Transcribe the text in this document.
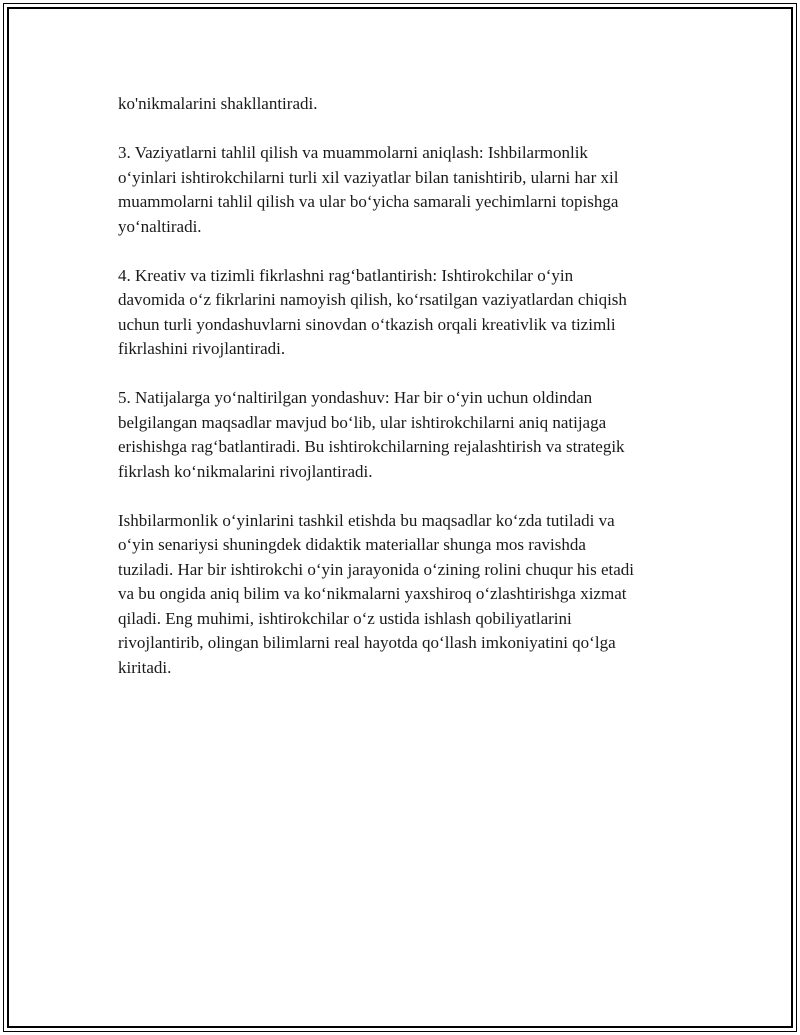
ko'nikmalarini shakllantiradi.

3. Vaziyatlarni tahlil qilish va muammolarni aniqlash: Ishbilarmonlik
o‘yinlari ishtirokchilarni turli xil vaziyatlar bilan tanishtirib, ularni har xil
muammolarni tahlil qilish va ular bo‘yicha samarali yechimlarni topishga
yo‘naltiradi.

4. Kreativ va tizimli fikrlashni rag‘batlantirish: Ishtirokchilar o‘yin
davomida o‘z fikrlarini namoyish qilish, ko‘rsatilgan vaziyatlardan chiqish
uchun turli yondashuvlarni sinovdan o‘tkazish orqali kreativlik va tizimli
fikrlashini rivojlantiradi.

5. Natijalarga yo‘naltirilgan yondashuv: Har bir o‘yin uchun oldindan
belgilangan maqsadlar mavjud bo‘lib, ular ishtirokchilarni aniq natijaga
erishishga rag‘batlantiradi. Bu ishtirokchilarning rejalashtirish va strategik
fikrlash ko‘nikmalarini rivojlantiradi.

Ishbilarmonlik o‘yinlarini tashkil etishda bu maqsadlar ko‘zda tutiladi va
o‘yin senariysi shuningdek didaktik materiallar shunga mos ravishda
tuziladi. Har bir ishtirokchi o‘yin jarayonida o‘zining rolini chuqur his etadi
va bu ongida aniq bilim va ko‘nikmalarni yaxshiroq o‘zlashtirishga xizmat
qiladi. Eng muhimi, ishtirokchilar o‘z ustida ishlash qobiliyatlarini
rivojlantirib, olingan bilimlarni real hayotda qo‘llash imkoniyatini qo‘lga
kiritadi.
